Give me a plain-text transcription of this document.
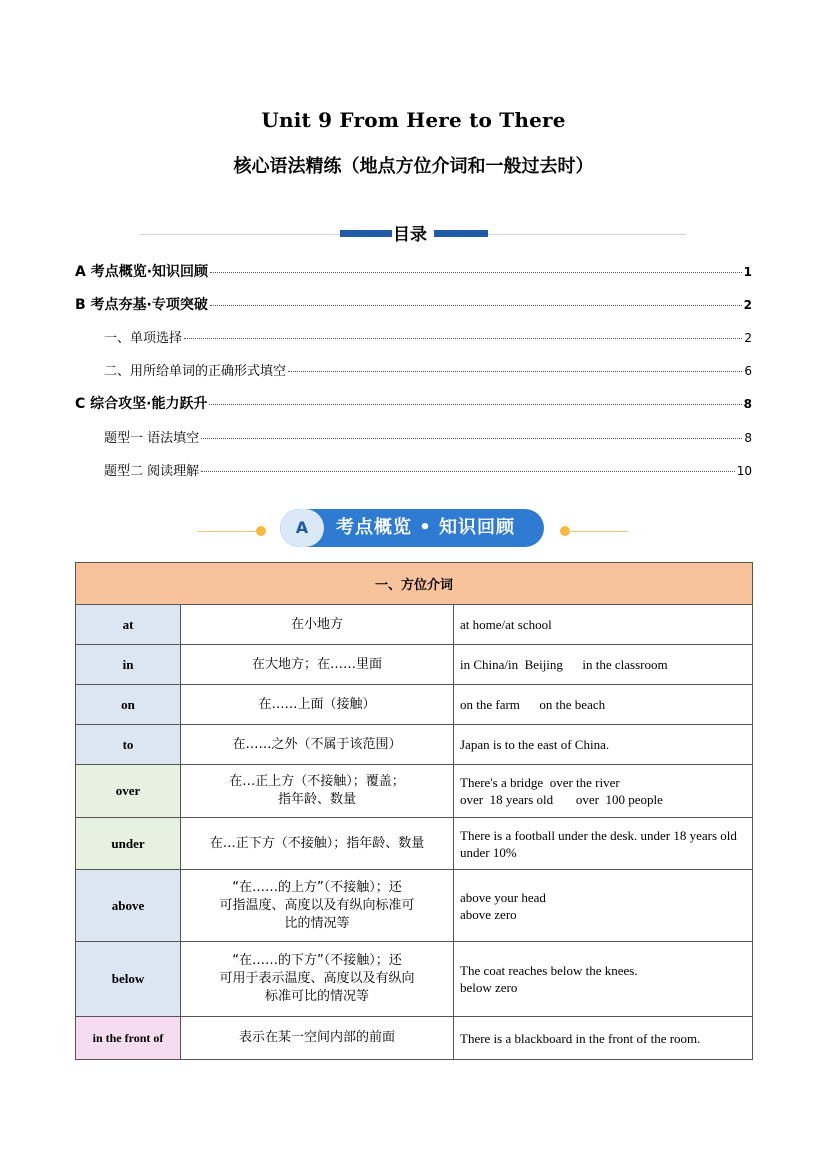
Unit 9 From Here to There
核心语法精练（地点方位介词和一般过去时）
目录
A 考点概览·知识回顾	1
B 考点夯基·专项突破	2
一、单项选择	2
二、用所给单词的正确形式填空	6
C 综合攻坚·能力跃升	8
题型一 语法填空	8
题型二 阅读理解	10
A	考点概览 • 知识回顾
一、方位介词		
at	在小地方	at home/at school
in	在大地方；在……里面	in China/in  Beijing      in the classroom
on	在……上面（接触）	on the farm      on the beach
to	在……之外（不属于该范围）	Japan is to the east of China.
over	在…正上方（不接触）；覆盖；
指年龄、数量	There's a bridge  over the river
over  18 years old       over  100 people
under	在…正下方（不接触）；指年龄、数量	There is a football under the desk. under 18 years old under 10%
above	“在……的上方”（不接触）；还
可指温度、高度以及有纵向标准可
比的情况等	above your head
above zero
below	“在……的下方”（不接触）；还
可用于表示温度、高度以及有纵向
标准可比的情况等	The coat reaches below the knees.
below zero
in the front of	表示在某一空间内部的前面	There is a blackboard in the front of the room.
